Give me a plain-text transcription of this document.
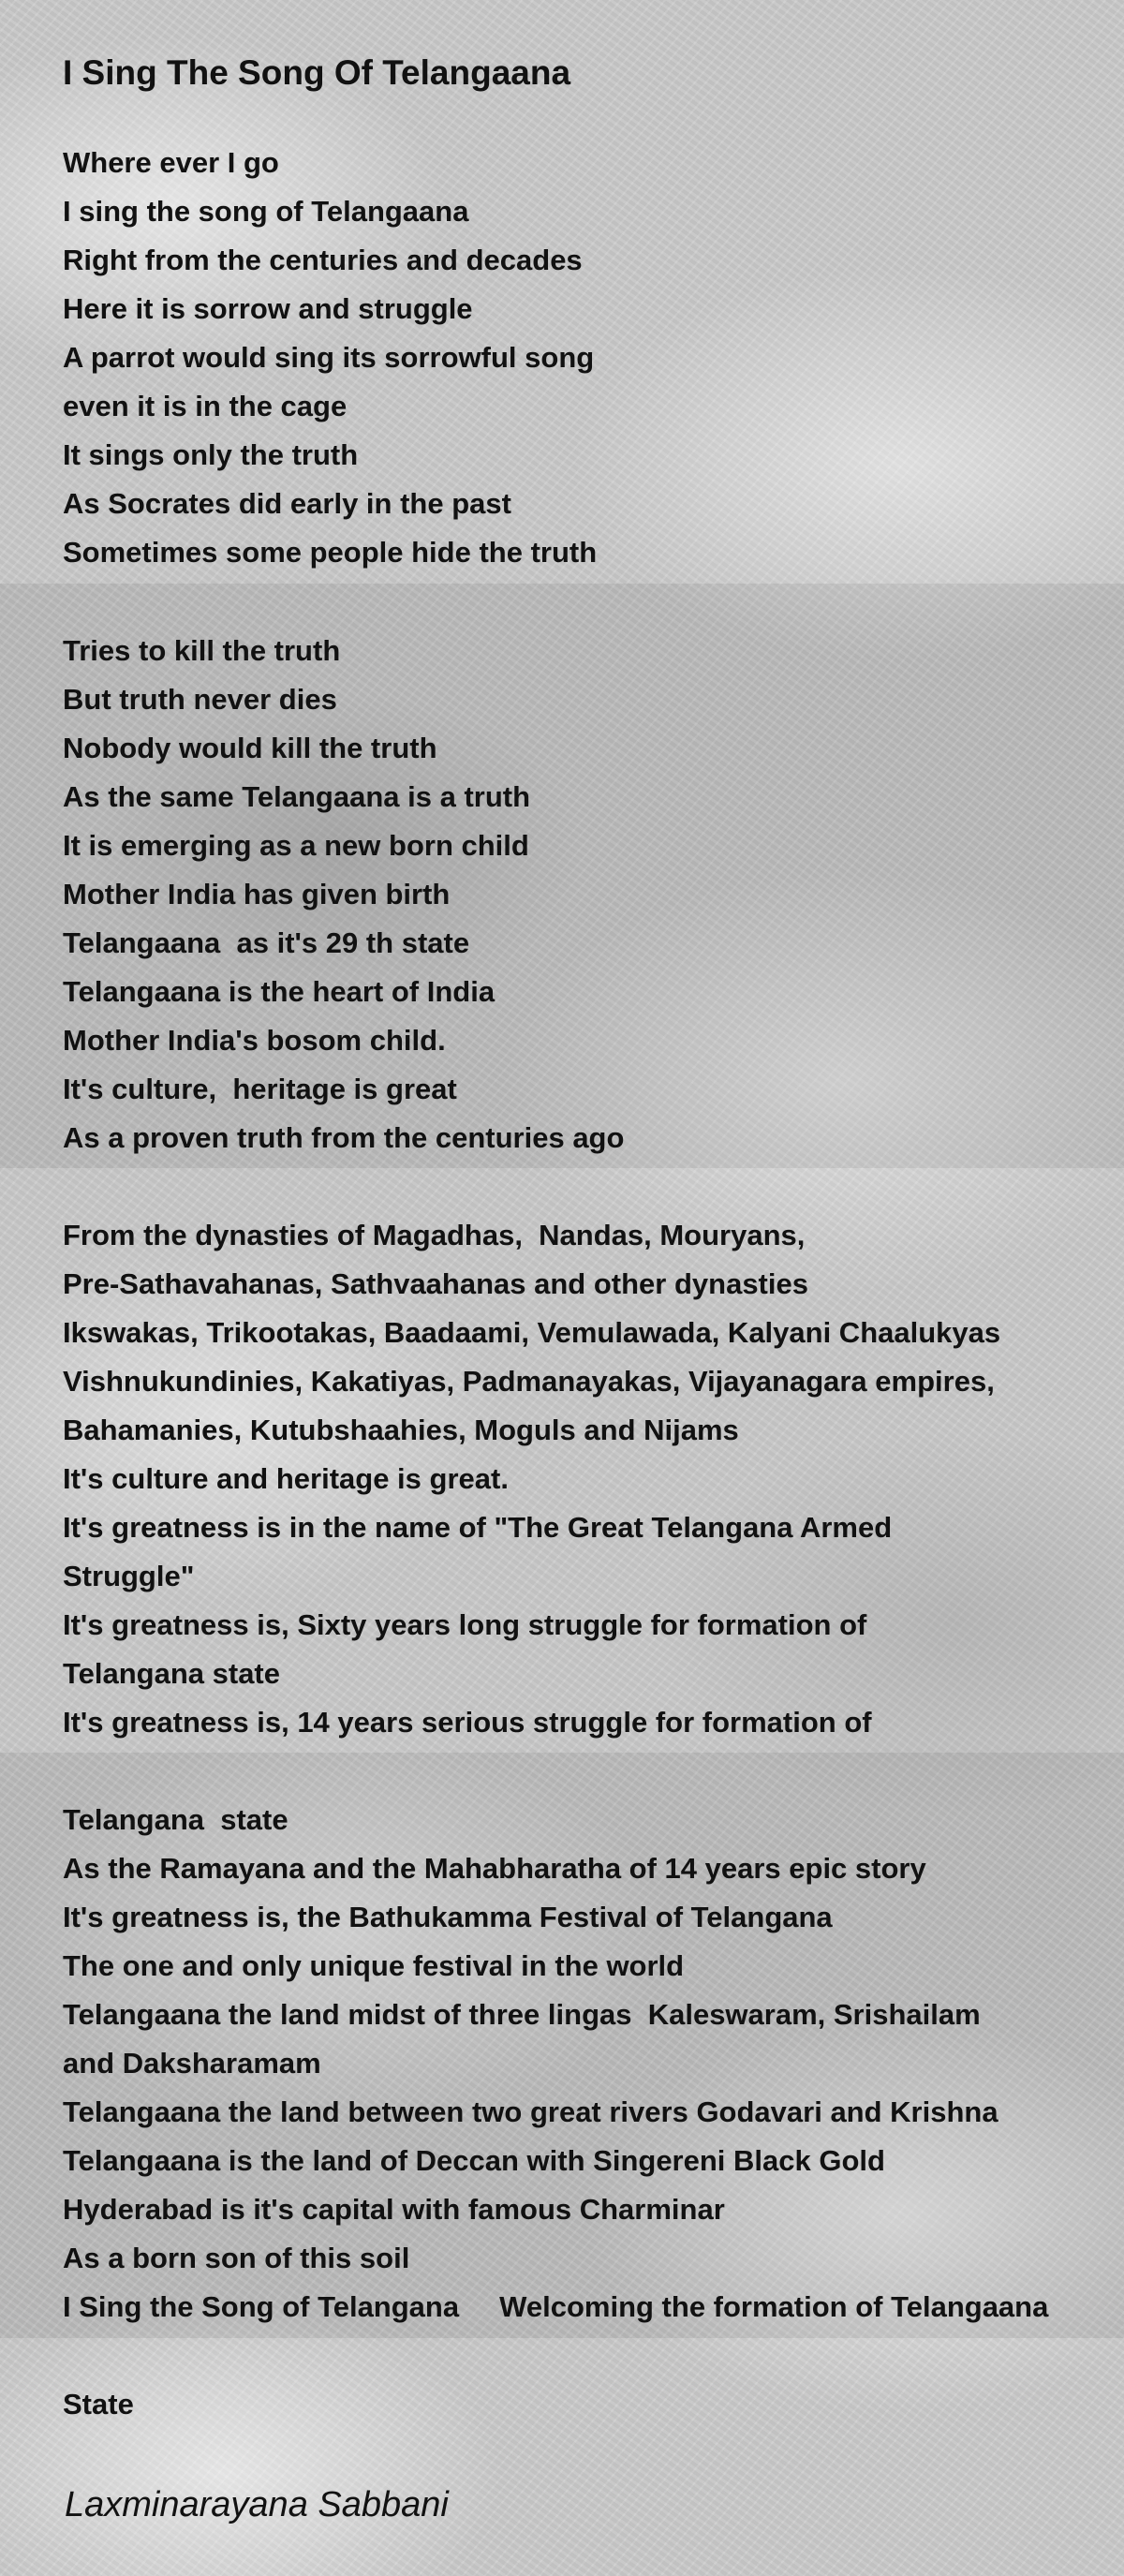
I Sing The Song Of Telangaana
Where ever I go
I sing the song of Telangaana
Right from the centuries and decades
Here it is sorrow and struggle
A parrot would sing its sorrowful song
even it is in the cage
It sings only the truth
As Socrates did early in the past
Sometimes some people hide the truth
Tries to kill the truth
But truth never dies
Nobody would kill the truth
As the same Telangaana is a truth
It is emerging as a new born child
Mother India has given birth
Telangaana  as it's 29 th state
Telangaana is the heart of India
Mother India's bosom child.
It's culture,  heritage is great
As a proven truth from the centuries ago
From the dynasties of Magadhas,  Nandas, Mouryans,
Pre-Sathavahanas, Sathvaahanas and other dynasties
Ikswakas, Trikootakas, Baadaami, Vemulawada, Kalyani Chaalukyas
Vishnukundinies, Kakatiyas, Padmanayakas, Vijayanagara empires,
Bahamanies, Kutubshaahies, Moguls and Nijams
It's culture and heritage is great.
It's greatness is in the name of "The Great Telangana Armed
Struggle"
It's greatness is, Sixty years long struggle for formation of
Telangana state
It's greatness is, 14 years serious struggle for formation of
Telangana  state
As the Ramayana and the Mahabharatha of 14 years epic story
It's greatness is, the Bathukamma Festival of Telangana
The one and only unique festival in the world
Telangaana the land midst of three lingas  Kaleswaram, Srishailam
and Daksharamam
Telangaana the land between two great rivers Godavari and Krishna
Telangaana is the land of Deccan with Singereni Black Gold
Hyderabad is it's capital with famous Charminar
As a born son of this soil
I Sing the Song of Telangana     Welcoming the formation of Telangaana
State
Laxminarayana Sabbani
